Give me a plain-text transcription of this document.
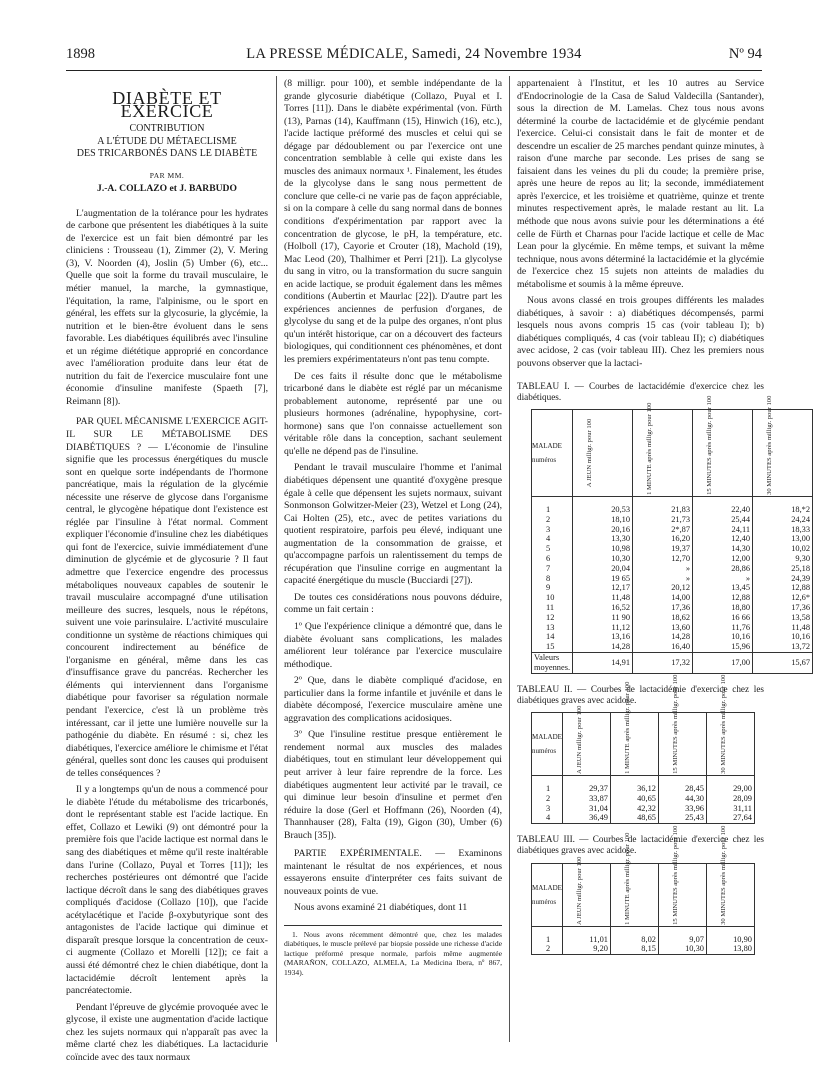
1898	LA PRESSE MÉDICALE, Samedi, 24 Novembre 1934	Nº 94
DIABÈTE ET EXERCICE

CONTRIBUTION

A L'ÉTUDE DU MÉTAECLISME

DES TRICARBONÉS DANS LE DIABÈTE

PAR MM.

J.-A. COLLAZO et J. BARBUDO

L'augmentation de la tolérance pour les hydrates de carbone que présentent les diabétiques à la suite de l'exercice est un fait bien démontré par les cliniciens : Trousseau (1), Zimmer (2), V. Mering (3), V. Noorden (4), Joslin (5) Umber (6), etc... Quelle que soit la forme du travail musculaire, le métier manuel, la marche, la gymnastique, l'équitation, la rame, l'alpinisme, ou le sport en général, les effets sur la glycosurie, la glycémie, la nutrition et le bien-être évoluent dans le sens favorable. Les diabétiques équilibrés avec l'insuline et un régime diététique approprié en concordance avec l'amélioration produite dans leur état de nutrition du fait de l'exercice musculaire font une économie d'insuline manifeste (Spaeth [7], Reimann [8]).

PAR QUEL MÉCANISME L'EXERCICE AGIT-IL SUR LE MÉTABOLISME DES DIABÉTIQUES ? — L'économie de l'insuline signifie que les processus énergétiques du muscle sont en quelque sorte indépendants de l'hormone pancréatique, mais la régulation de la glycémie nécessite une réserve de glycose dans l'organisme central, le glycogène hépatique dont l'existence est réglée par l'insuline à l'état normal. Comment expliquer l'économie d'insuline chez les diabétiques qui font de l'exercice, suivie immédiatement d'une diminution de glycémie et de glycosurie ? Il faut admettre que l'exercice engendre des processus métaboliques nouveaux capables de soutenir le travail musculaire accompagné d'une utilisation meilleure des sucres, lesquels, nous le répétons, suivent une voie parinsulaire. L'activité musculaire conditionne un système de réactions chimiques qui concourent indirectement au bénéfice de l'organisme en général, même dans les cas d'insuffisance grave du pancréas. Rechercher les éléments qui interviennent dans l'organisme diabétique pour favoriser sa régulation normale pendant l'exercice, c'est là un problème très intéressant, car il jette une lumière nouvelle sur la pathogénie du diabète. En résumé : si, chez les diabétiques, l'exercice améliore le chimisme et l'état général, quelles sont donc les causes qui produisent de telles conséquences ?

Il y a longtemps qu'un de nous a commencé pour le diabète l'étude du métabolisme des tricarbonés, dont le représentant stable est l'acide lactique. En effet, Collazo et Lewiki (9) ont démontré pour la première fois que l'acide lactique est normal dans le sang des diabétiques et même qu'il reste inaltérable dans l'urine (Collazo, Puyal et Torres [11]); les recherches postérieures ont démontré que l'acide lactique décroît dans le sang des diabétiques graves compliqués d'acidose (Collazo [10]), que l'acide acétylacétique et l'acide β-oxybutyrique sont des antagonistes de l'acide lactique qui diminue et disparaît presque lorsque la concentration de ceux-ci augmente (Collazo et Morelli [12]); ce fait a aussi été démontré chez le chien diabétique, dont la lactacidémie décroît lentement après la pancréatectomie.

Pendant l'épreuve de glycémie provoquée avec le glycose, il existe une augmentation d'acide lactique chez les sujets normaux qui n'apparaît pas avec la même clarté chez les diabétiques. La lactacidurie coïncide avec des taux normaux

(8 milligr. pour 100), et semble indépendante de la grande glycosurie diabétique (Collazo, Puyal et I. Torres [11]). Dans le diabète expérimental (von. Fürth (13), Parnas (14), Kauffmann (15), Hinwich (16), etc.), l'acide lactique préformé des muscles et celui qui se dégage par dédoublement ou par l'exercice ont une concentration semblable à celle qui existe dans les muscles des animaux normaux ¹. Finalement, les études de la glycolyse dans le sang nous permettent de conclure que celle-ci ne varie pas de façon appréciable, si on la compare à celle du sang normal dans de bonnes conditions d'expérimentation par rapport avec la concentration de glycose, le pH, la température, etc. (Holboll (17), Cayorie et Crouter (18), Machold (19), Mac Leod (20), Thalhimer et Perri [21]). La glycolyse du sang in vitro, ou la transformation du sucre sanguin en acide lactique, se produit également dans les mêmes conditions (Aubertin et Maurlac [22]). D'autre part les expériences anciennes de perfusion d'organes, de glycolyse du sang et de la pulpe des organes, n'ont plus qu'un intérêt historique, car on a découvert des facteurs biologiques, qui conditionnent ces phénomènes, et dont les premiers expérimentateurs n'ont pas tenu compte.

De ces faits il résulte donc que le métabolisme tricarboné dans le diabète est réglé par un mécanisme probablement autonome, représenté par une ou plusieurs hormones (adrénaline, hypophysine, cort-hormone) sans que l'on connaisse actuellement son véritable rôle dans la conception, sachant seulement qu'elle ne dépend pas de l'insuline.

Pendant le travail musculaire l'homme et l'animal diabétiques dépensent une quantité d'oxygène presque égale à celle que dépensent les sujets normaux, suivant Sonmonson Golwitzer-Meier (23), Wetzel et Long (24), Cai Holten (25), etc., avec de petites variations du quotient respiratoire, parfois peu élevé, indiquant une augmentation de la consommation de graisse, et qu'accompagne parfois un ralentissement du temps de récupération que l'insuline corrige en augmentant la capacité énergétique du muscle (Bucciardi [27]).

De toutes ces considérations nous pouvons déduire, comme un fait certain :

1º Que l'expérience clinique a démontré que, dans le diabète évoluant sans complications, les malades améliorent leur tolérance par l'exercice musculaire méthodique.

2º Que, dans le diabète compliqué d'acidose, en particulier dans la forme infantile et juvénile et dans le diabète décomposé, l'exercice musculaire amène une aggravation des complications acidosiques.

3º Que l'insuline restitue presque entièrement le rendement normal aux muscles des malades diabétiques, tout en stimulant leur développement qui peut arriver à leur faire reprendre de la force. Les diabétiques augmentent leur activité par le travail, ce qui diminue leur besoin d'insuline et permet d'en réduire la dose (Gerl et Hoffmann (26), Noorden (4), Thannhauser (28), Falta (19), Gigon (30), Umber (6) Brauch [35]).

PARTIE EXPÉRIMENTALE. — Examinons maintenant le résultat de nos expériences, et nous essayerons ensuite d'interpréter ces faits suivant de nouveaux points de vue.

Nous avons examiné 21 diabétiques, dont 11

1. Nous avons récemment démontré que, chez les malades diabétiques, le muscle prélevé par biopsie possède une richesse d'acide lactique préformé presque normale, parfois même augmentée (MARAÑON, COLLAZO, ALMELA, La Medicina Ibera, nº 867, 1934).

appartenaient à l'Institut, et les 10 autres au Service d'Endocrinologie de la Casa de Salud Valdecilla (Santander), sous la direction de M. Lamelas. Chez tous nous avons déterminé la courbe de lactacidémie et de glycémie pendant l'exercice. Celui-ci consistait dans le fait de monter et de descendre un escalier de 25 marches pendant quinze minutes, à raison d'une marche par seconde. Les prises de sang se faisaient dans les veines du pli du coude; la première prise, après une heure de repos au lit; la seconde, immédiatement après l'exercice, et les troisième et quatrième, quinze et trente minutes respectivement après, le malade restant au lit. La méthode que nous avons suivie pour les déterminations a été celle de Fürth et Charnas pour l'acide lactique et celle de Mac Lean pour la glycémie. En même temps, et suivant la même technique, nous avons déterminé la lactacidémie et la glycémie de l'exercice chez 15 sujets non atteints de maladies du métabolisme et soumis à la même épreuve.

Nous avons classé en trois groupes différents les malades diabétiques, à savoir : a) diabétiques décompensés, parmi lesquels nous avons compris 15 cas (voir tableau I); b) diabétiques compliqués, 4 cas (voir tableau II); c) diabétiques avec acidose, 2 cas (voir tableau III). Chez les premiers nous pouvons observer que la lactaci-

TABLEAU I. — Courbes de lactacidémie d'exercice chez les diabétiques.

MALADE numéros	A JEUN milligr. pour 100	1 MINUTE après milligr. pour 100	15 MINUTES après milligr. pour 100	30 MINUTES après milligr. pour 100

1	20,53	21,83	22,40	18,*2
2	18,10	21,73	25,44	24,24
3	20,16	2*,87	24,11	18,33
4	13,30	16,20	12,40	13,00
5	10,98	19,37	14,30	10,02
6	10,30	12,70	12,00	9,30
7	20,04	»	28,86	25,18
8	19 65	»	»	24,39
9	12,17	20,12	13,45	12,88
10	11,48	14,00	12,88	12,6*
11	16,52	17,36	18,80	17,36
12	11 90	18,62	16 66	13,58
13	11,12	13,60	11,76	11,48
14	13,16	14,28	10,16	10,16
15	14,28	16,40	15,96	13,72
Valeurs moyennes.	14,91	17,32	17,00	15,67

TABLEAU II. — Courbes de lactacidémie d'exercice chez les diabétiques graves avec acidose.

MALADE numéros	A JEUN milligr. pour 100	1 MINUTE après milligr. pour 100	15 MINUTES après milligr. pour 100	30 MINUTES après milligr. pour 100

1	29,37	36,12	28,45	29,00
2	33,87	40,65	44,30	28,09
3	31,04	42,32	33,96	31,11
4	36,49	48,65	25,43	27,64

TABLEAU III. — Courbes de lactacidémie d'exercice chez les diabétiques graves avec acidose.

MALADE numéros	A JEUN milligr. pour 100	1 MINUTE après milligr. pour 100	15 MINUTES après milligr. pour 100	30 MINUTES après milligr. pour 100

1	11,01	8,02	9,07	10,90
2	9,20	8,15	10,30	13,80
